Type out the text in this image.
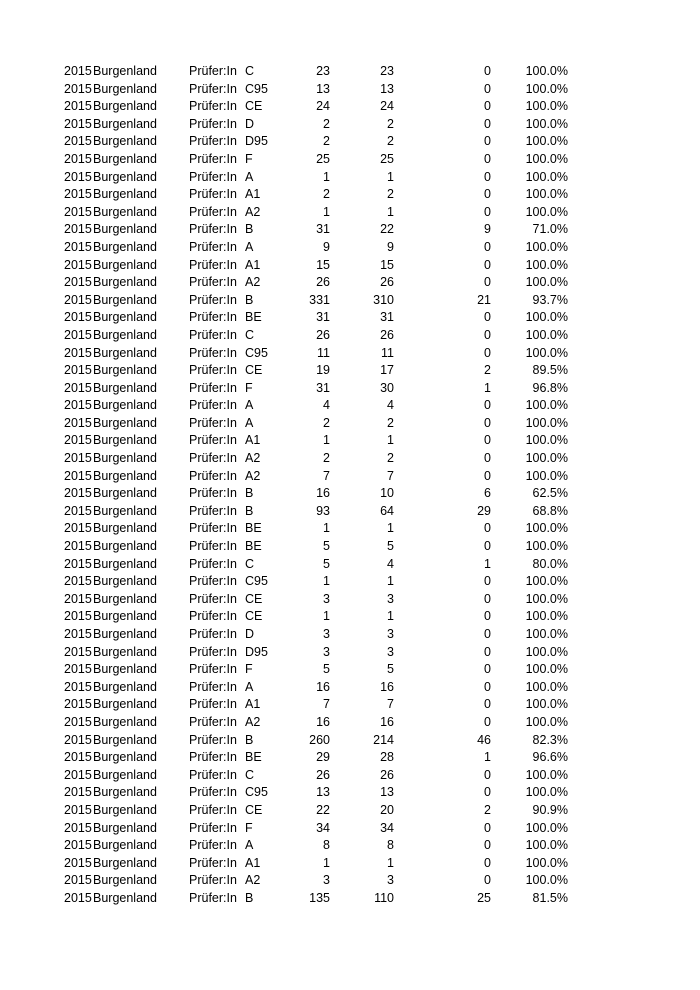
2015 Burgenland	Prüfer:In C	23	23	0	100.0%
2015 Burgenland	Prüfer:In C95	13	13	0	100.0%
2015 Burgenland	Prüfer:In CE	24	24	0	100.0%
2015 Burgenland	Prüfer:In D	2	2	0	100.0%
2015 Burgenland	Prüfer:In D95	2	2	0	100.0%
2015 Burgenland	Prüfer:In F	25	25	0	100.0%
2015 Burgenland	Prüfer:In A	1	1	0	100.0%
2015 Burgenland	Prüfer:In A1	2	2	0	100.0%
2015 Burgenland	Prüfer:In A2	1	1	0	100.0%
2015 Burgenland	Prüfer:In B	31	22	9	71.0%
2015 Burgenland	Prüfer:In A	9	9	0	100.0%
2015 Burgenland	Prüfer:In A1	15	15	0	100.0%
2015 Burgenland	Prüfer:In A2	26	26	0	100.0%
2015 Burgenland	Prüfer:In B	331	310	21	93.7%
2015 Burgenland	Prüfer:In BE	31	31	0	100.0%
2015 Burgenland	Prüfer:In C	26	26	0	100.0%
2015 Burgenland	Prüfer:In C95	11	11	0	100.0%
2015 Burgenland	Prüfer:In CE	19	17	2	89.5%
2015 Burgenland	Prüfer:In F	31	30	1	96.8%
2015 Burgenland	Prüfer:In A	4	4	0	100.0%
2015 Burgenland	Prüfer:In A	2	2	0	100.0%
2015 Burgenland	Prüfer:In A1	1	1	0	100.0%
2015 Burgenland	Prüfer:In A2	2	2	0	100.0%
2015 Burgenland	Prüfer:In A2	7	7	0	100.0%
2015 Burgenland	Prüfer:In B	16	10	6	62.5%
2015 Burgenland	Prüfer:In B	93	64	29	68.8%
2015 Burgenland	Prüfer:In BE	1	1	0	100.0%
2015 Burgenland	Prüfer:In BE	5	5	0	100.0%
2015 Burgenland	Prüfer:In C	5	4	1	80.0%
2015 Burgenland	Prüfer:In C95	1	1	0	100.0%
2015 Burgenland	Prüfer:In CE	3	3	0	100.0%
2015 Burgenland	Prüfer:In CE	1	1	0	100.0%
2015 Burgenland	Prüfer:In D	3	3	0	100.0%
2015 Burgenland	Prüfer:In D95	3	3	0	100.0%
2015 Burgenland	Prüfer:In F	5	5	0	100.0%
2015 Burgenland	Prüfer:In A	16	16	0	100.0%
2015 Burgenland	Prüfer:In A1	7	7	0	100.0%
2015 Burgenland	Prüfer:In A2	16	16	0	100.0%
2015 Burgenland	Prüfer:In B	260	214	46	82.3%
2015 Burgenland	Prüfer:In BE	29	28	1	96.6%
2015 Burgenland	Prüfer:In C	26	26	0	100.0%
2015 Burgenland	Prüfer:In C95	13	13	0	100.0%
2015 Burgenland	Prüfer:In CE	22	20	2	90.9%
2015 Burgenland	Prüfer:In F	34	34	0	100.0%
2015 Burgenland	Prüfer:In A	8	8	0	100.0%
2015 Burgenland	Prüfer:In A1	1	1	0	100.0%
2015 Burgenland	Prüfer:In A2	3	3	0	100.0%
2015 Burgenland	Prüfer:In B	135	110	25	81.5%
